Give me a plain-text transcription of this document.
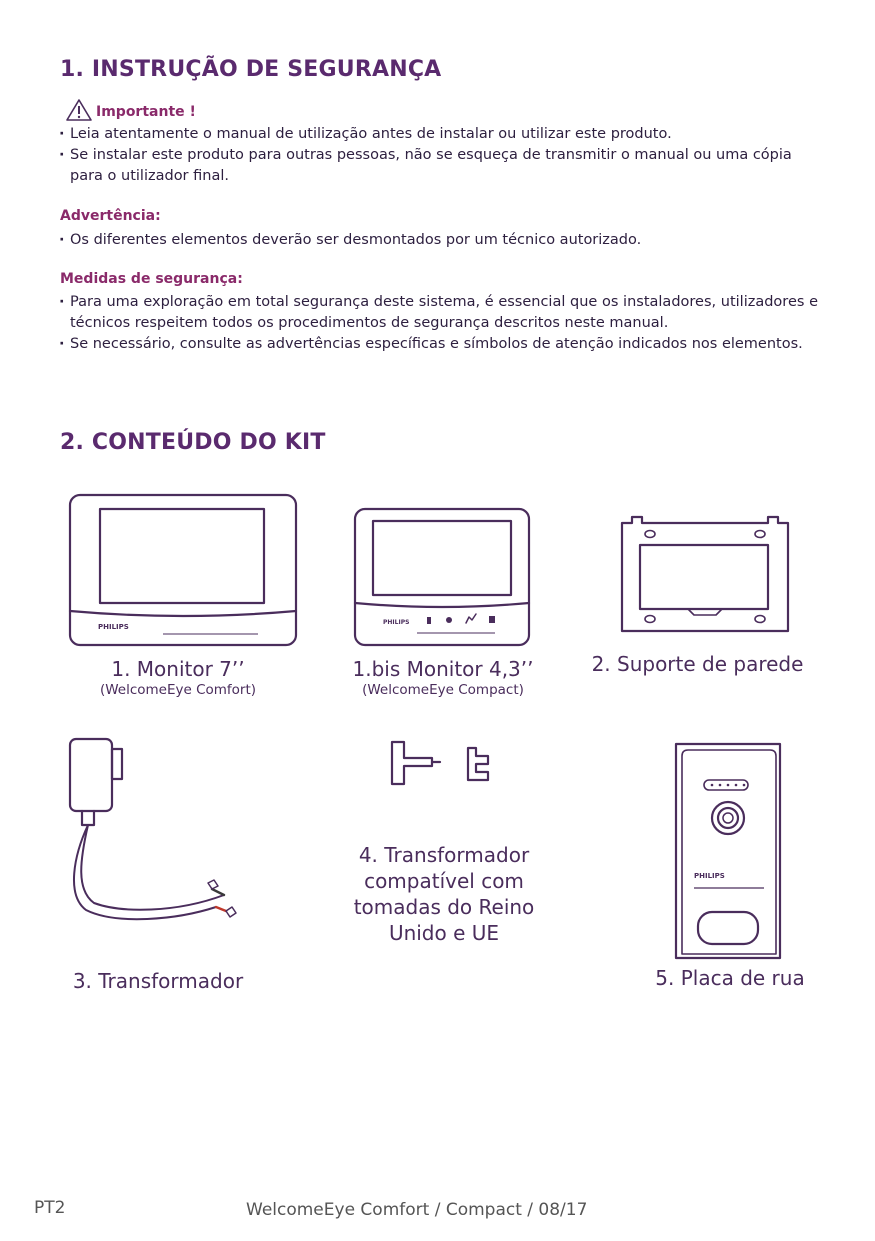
1. INSTRUÇÃO DE SEGURANÇA
Importante !

· Leia atentamente o manual de utilização antes de instalar ou utilizar este produto.

· Se instalar este produto para outras pessoas, não se esqueça de transmitir o manual ou uma cópia para o utilizador final.

Advertência:

· Os diferentes elementos deverão ser desmontados por um técnico autorizado.

Medidas de segurança:

· Para uma exploração em total segurança deste sistema, é essencial que os instaladores, utilizadores e técnicos respeitem todos os procedimentos de segurança descritos neste manual.

· Se necessário, consulte as advertências específicas e símbolos de atenção indicados nos elementos.

2. CONTEÚDO DO KIT
PHILIPS
1. Monitor 7’’
(WelcomeEye Comfort)
PHILIPS
1.bis Monitor 4,3’’
(WelcomeEye Compact)
2. Suporte de parede
3. Transformador
4. Transformador compatível com tomadas do Reino Unido e UE
PHILIPS
5. Placa de rua
PT2	WelcomeEye Comfort / Compact / 08/17
